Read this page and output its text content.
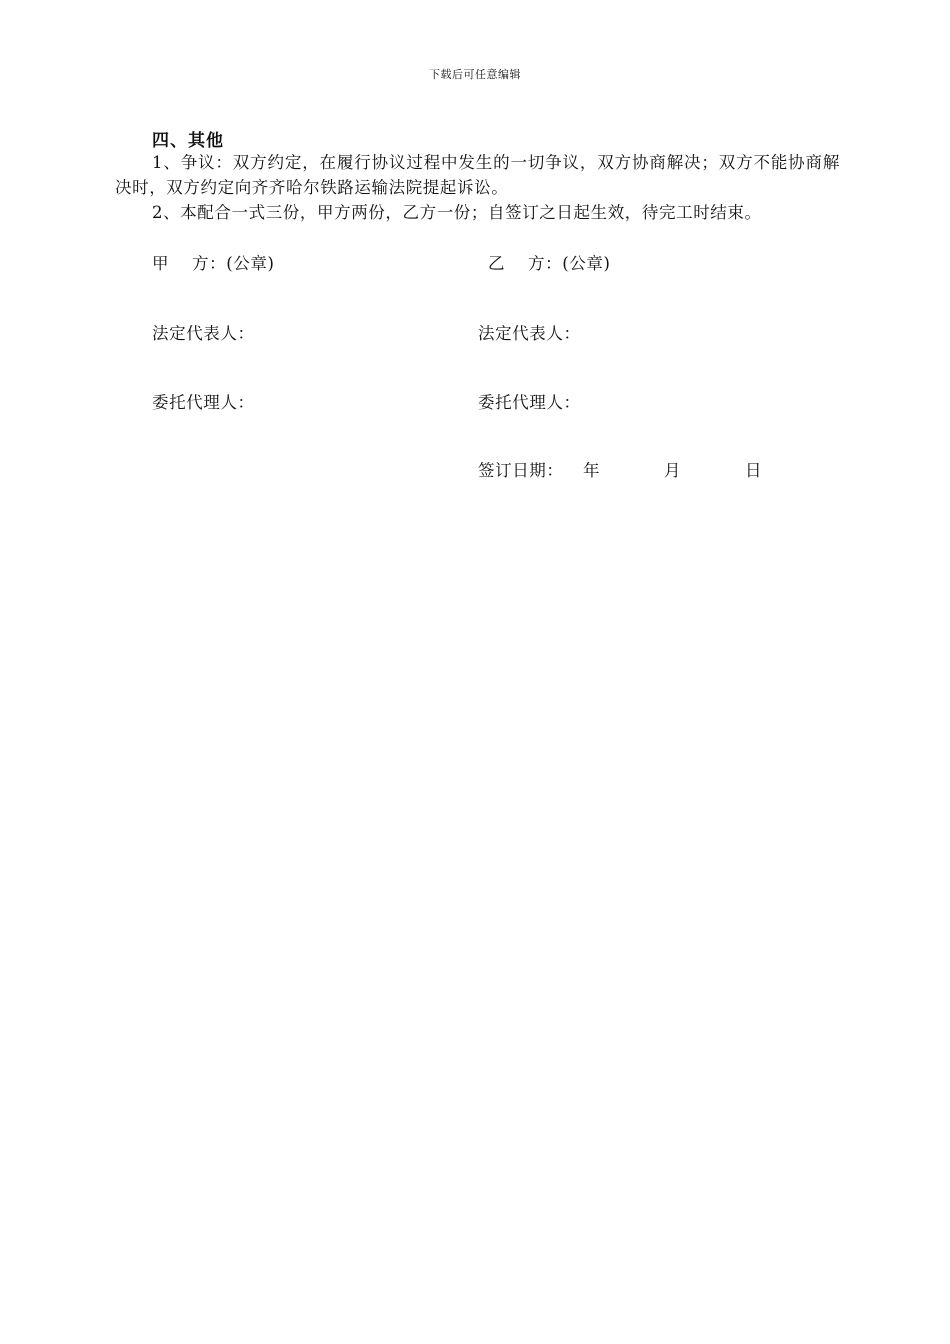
下载后可任意编辑
四、其他
1、争议：双方约定，在履行协议过程中发生的一切争议，双方协商解决；双方不能协商解决时，双方约定向齐齐哈尔铁路运输法院提起诉讼。
2、本配合一式三份，甲方两份，乙方一份；自签订之日起生效，待完工时结束。
甲　 方：(公章)	乙　 方：(公章)
法定代表人：	法定代表人：
委托代理人：	委托代理人：
签订日期： 年	月	日
